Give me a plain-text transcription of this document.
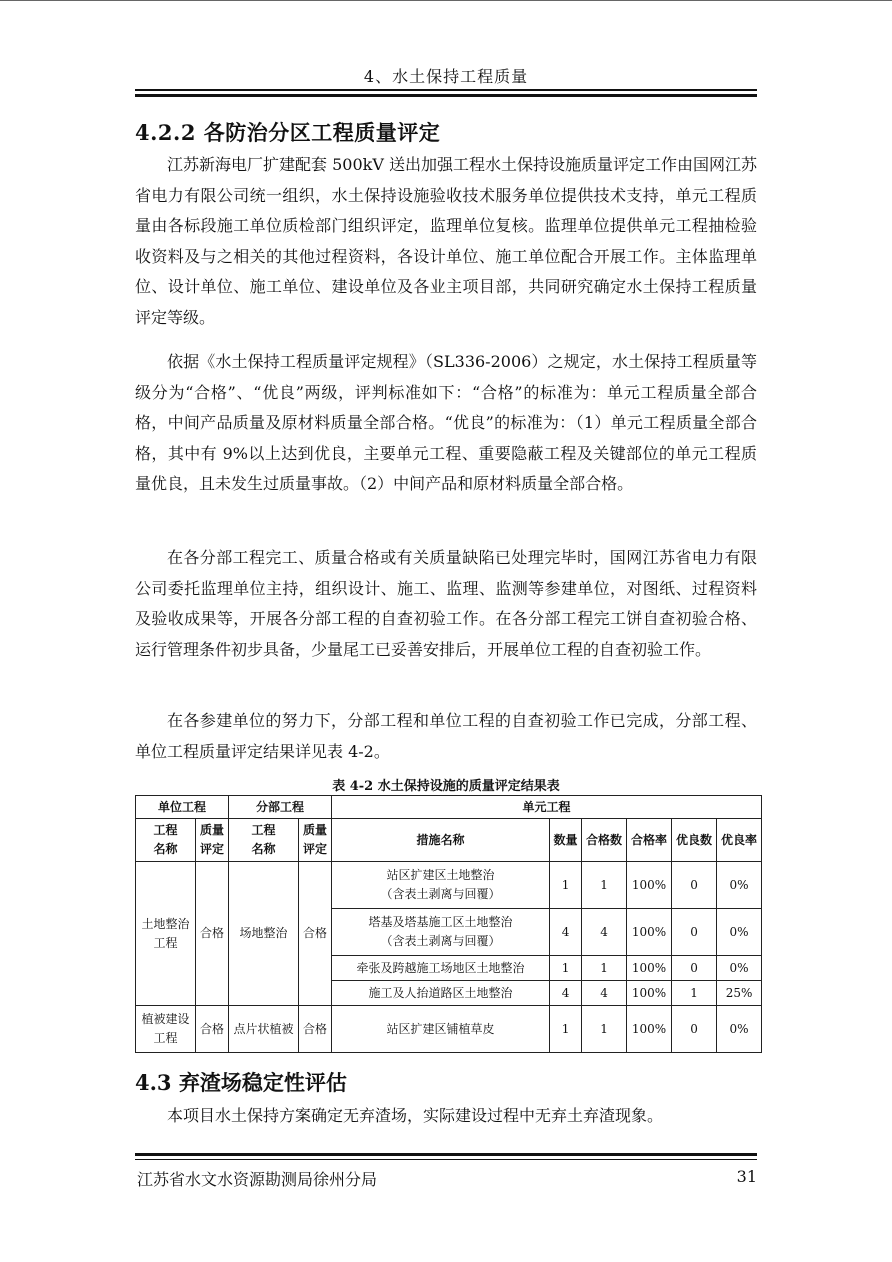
4、水土保持工程质量
4.2.2 各防治分区工程质量评定

江苏新海电厂扩建配套 500kV 送出加强工程水土保持设施质量评定工作由国网江苏省电力有限公司统一组织，水土保持设施验收技术服务单位提供技术支持，单元工程质量由各标段施工单位质检部门组织评定，监理单位复核。监理单位提供单元工程抽检验收资料及与之相关的其他过程资料，各设计单位、施工单位配合开展工作。主体监理单位、设计单位、施工单位、建设单位及各业主项目部，共同研究确定水土保持工程质量评定等级。

依据《水土保持工程质量评定规程》（SL336-2006）之规定，水土保持工程质量等级分为“合格”、“优良”两级，评判标准如下：“合格”的标准为：单元工程质量全部合格，中间产品质量及原材料质量全部合格。“优良”的标准为：（1）单元工程质量全部合格，其中有 9%以上达到优良，主要单元工程、重要隐蔽工程及关键部位的单元工程质量优良，且未发生过质量事故。（2）中间产品和原材料质量全部合格。

在各分部工程完工、质量合格或有关质量缺陷已处理完毕时，国网江苏省电力有限公司委托监理单位主持，组织设计、施工、监理、监测等参建单位，对图纸、过程资料及验收成果等，开展各分部工程的自查初验工作。在各分部工程完工饼自查初验合格、运行管理条件初步具备，少量尾工已妥善安排后，开展单位工程的自查初验工作。

在各参建单位的努力下，分部工程和单位工程的自查初验工作已完成，分部工程、单位工程质量评定结果详见表 4-2。

表 4-2 水土保持设施的质量评定结果表
单位工程		分部工程		单元工程					
工程名称	质量评定	工程名称	质量评定	措施名称	数量	合格数	合格率	优良数	优良率
土地整治工程	合格	场地整治	合格	站区扩建区土地整治（含表土剥离与回覆）	1	1	100%	0	0%
				塔基及塔基施工区土地整治（含表土剥离与回覆）	4	4	100%	0	0%
				牵张及跨越施工场地区土地整治	1	1	100%	0	0%
				施工及人抬道路区土地整治	4	4	100%	1	25%
植被建设工程	合格	点片状植被	合格	站区扩建区铺植草皮	1	1	100%	0	0%
4.3 弃渣场稳定性评估

本项目水土保持方案确定无弃渣场，实际建设过程中无弃土弃渣现象。

江苏省水文水资源勘测局徐州分局	31
